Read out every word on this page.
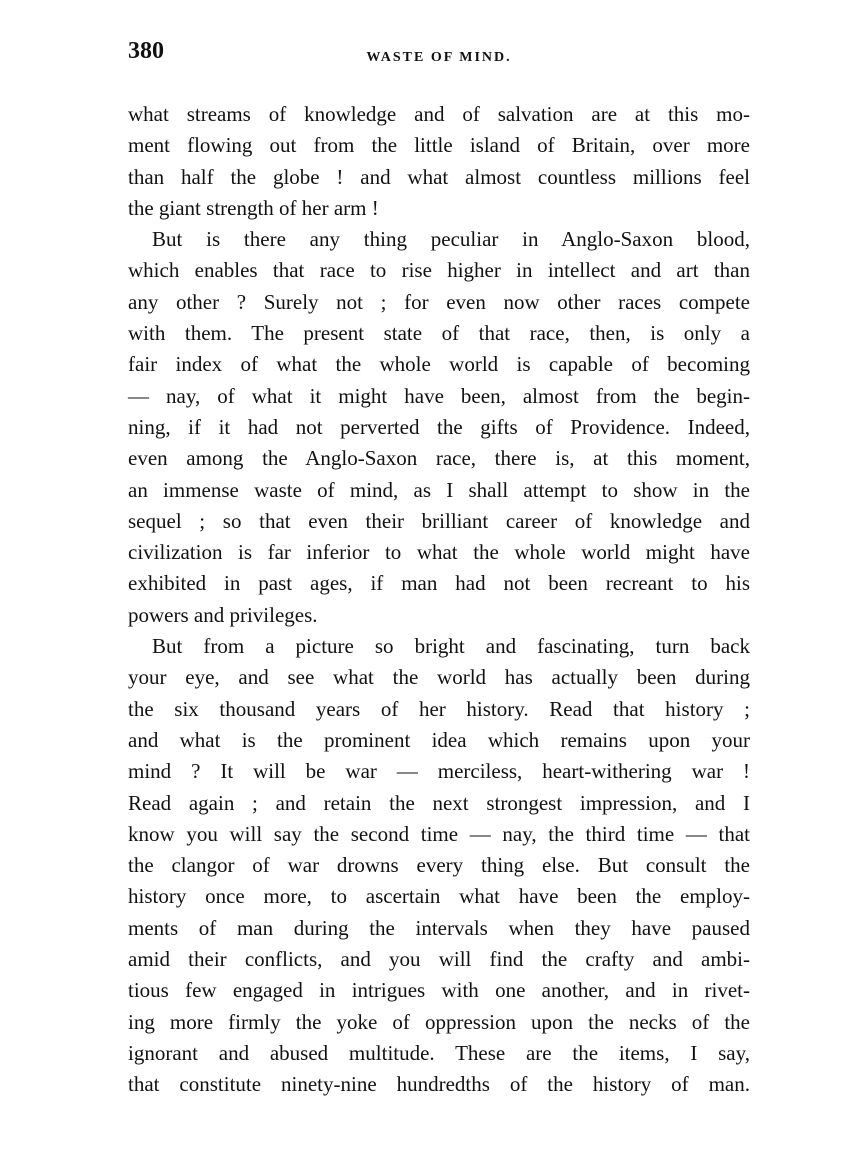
380	WASTE OF MIND.

what streams of knowledge and of salvation are at this mo-
ment flowing out from the little island of Britain, over more
than half the globe ! and what almost countless millions feel
the giant strength of her arm !

But is there any thing peculiar in Anglo-Saxon blood,
which enables that race to rise higher in intellect and art than
any other ? Surely not ; for even now other races compete
with them. The present state of that race, then, is only a
fair index of what the whole world is capable of becoming
— nay, of what it might have been, almost from the begin-
ning, if it had not perverted the gifts of Providence. Indeed,
even among the Anglo-Saxon race, there is, at this moment,
an immense waste of mind, as I shall attempt to show in the
sequel ; so that even their brilliant career of knowledge and
civilization is far inferior to what the whole world might have
exhibited in past ages, if man had not been recreant to his
powers and privileges.

But from a picture so bright and fascinating, turn back
your eye, and see what the world has actually been during
the six thousand years of her history. Read that history ;
and what is the prominent idea which remains upon your
mind ? It will be war — merciless, heart-withering war !
Read again ; and retain the next strongest impression, and I
know you will say the second time — nay, the third time — that
the clangor of war drowns every thing else. But consult the
history once more, to ascertain what have been the employ-
ments of man during the intervals when they have paused
amid their conflicts, and you will find the crafty and ambi-
tious few engaged in intrigues with one another, and in rivet-
ing more firmly the yoke of oppression upon the necks of the
ignorant and abused multitude. These are the items, I say,
that constitute ninety-nine hundredths of the history of man.
